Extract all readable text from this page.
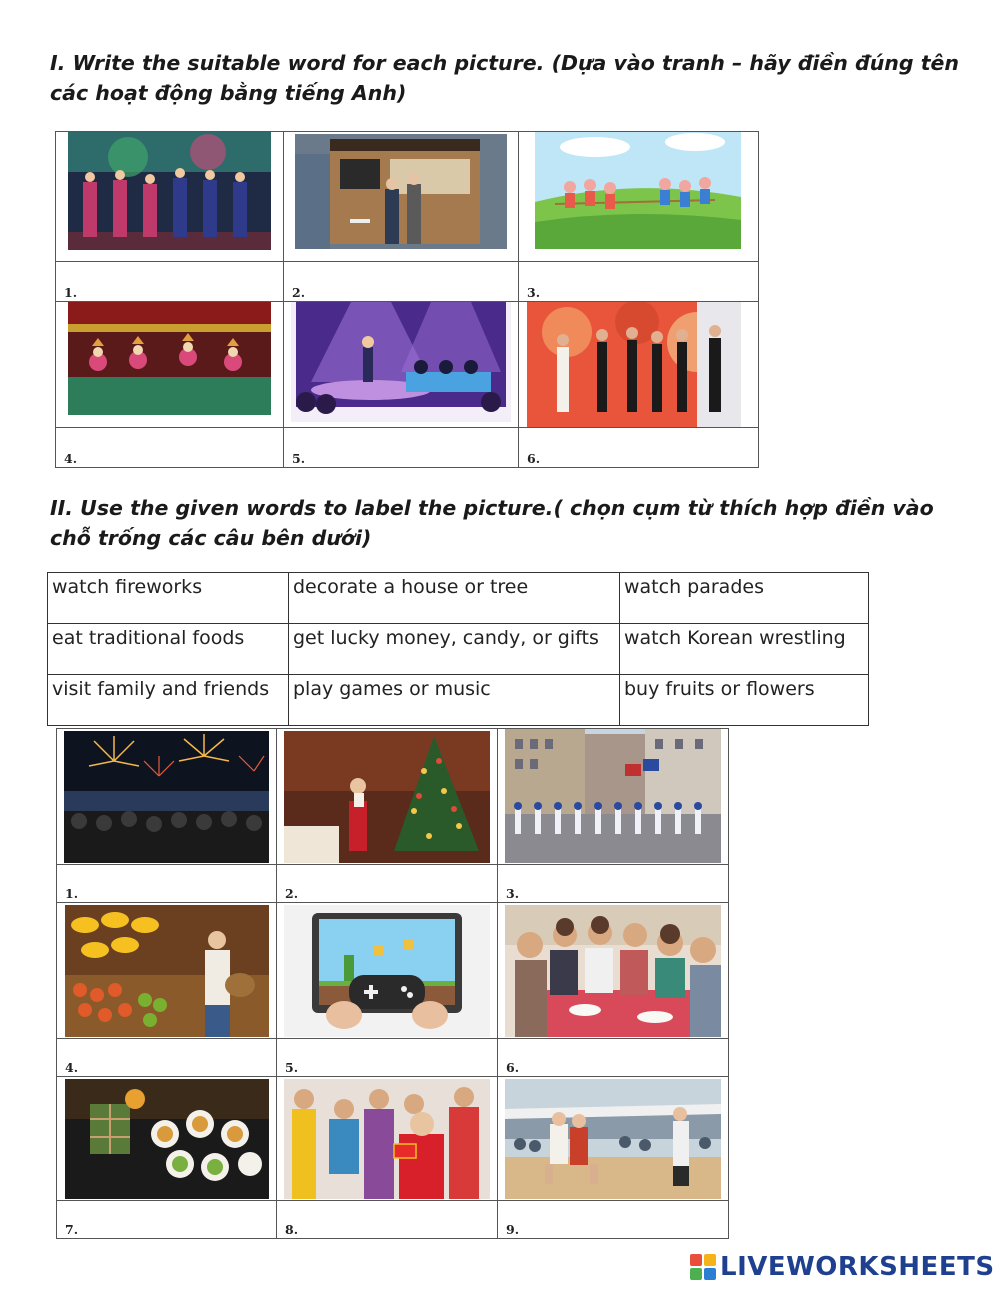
I. Write the suitable word for each picture. (Dựa vào tranh – hãy điền đúng tên các hoạt động bằng tiếng Anh)

1.	2.	3.

4.	5.	6.
II. Use the given words to label the picture.( chọn cụm từ thích hợp điền vào chỗ trống các câu bên dưới)
watch fireworks	decorate a house or tree	watch parades
eat traditional foods	get lucky money, candy, or gifts	watch Korean wrestling
visit family and friends	play games or music	buy fruits or flowers

1.	2.	3.

4.	5.	6.

7.	8.	9.
LIVEWORKSHEETS
